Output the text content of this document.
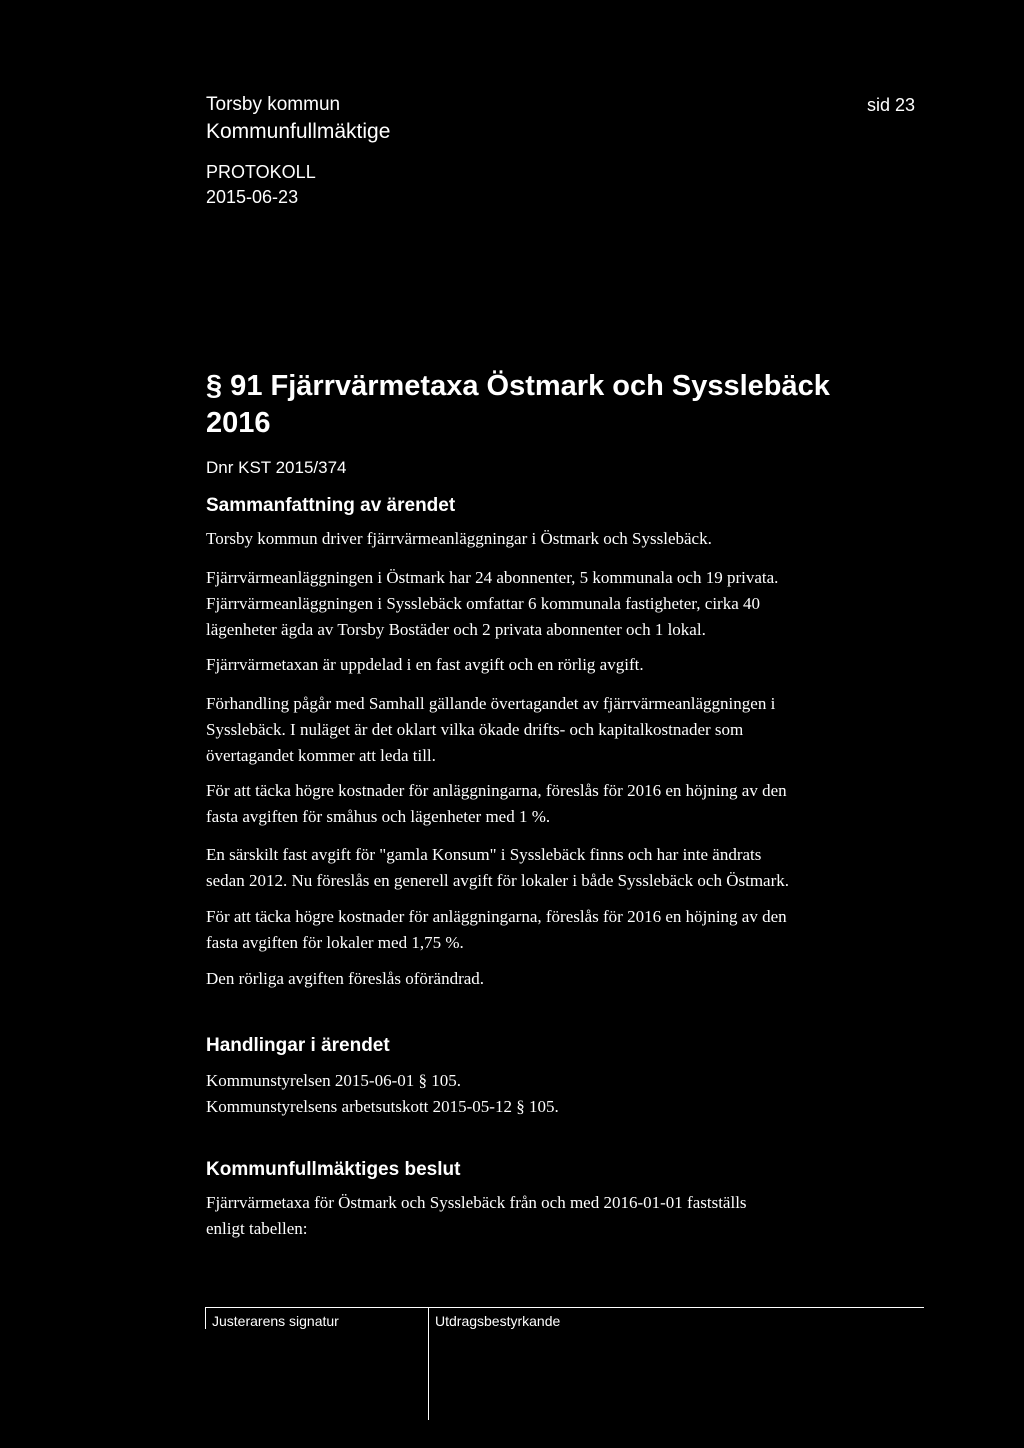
Torsby kommun
Kommunfullmäktige
sid 23
PROTOKOLL
2015-06-23
§ 91 Fjärrvärmetaxa Östmark och Sysslebäck
2016
Dnr KST 2015/374
Sammanfattning av ärendet
Torsby kommun driver fjärrvärmeanläggningar i Östmark och Sysslebäck.
Fjärrvärmeanläggningen i Östmark har 24 abonnenter, 5 kommunala och 19 privata.
Fjärrvärmeanläggningen i Sysslebäck omfattar 6 kommunala fastigheter, cirka 40
lägenheter ägda av Torsby Bostäder och 2 privata abonnenter och 1 lokal.
Fjärrvärmetaxan är uppdelad i en fast avgift och en rörlig avgift.
Förhandling pågår med Samhall gällande övertagandet av fjärrvärmeanläggningen i
Sysslebäck. I nuläget är det oklart vilka ökade drifts- och kapitalkostnader som
övertagandet kommer att leda till.
För att täcka högre kostnader för anläggningarna, föreslås för 2016 en höjning av den
fasta avgiften för småhus och lägenheter med 1 %.
En särskilt fast avgift för "gamla Konsum" i Sysslebäck finns och har inte ändrats
sedan 2012. Nu föreslås en generell avgift för lokaler i både Sysslebäck och Östmark.
För att täcka högre kostnader för anläggningarna, föreslås för 2016 en höjning av den
fasta avgiften för lokaler med 1,75 %.
Den rörliga avgiften föreslås oförändrad.
Handlingar i ärendet
Kommunstyrelsen 2015-06-01 § 105.
Kommunstyrelsens arbetsutskott 2015-05-12 § 105.
Kommunfullmäktiges beslut
Fjärrvärmetaxa för Östmark och Sysslebäck från och med 2016-01-01 fastställs
enligt tabellen:
Justerarens signatur	Utdragsbestyrkande
